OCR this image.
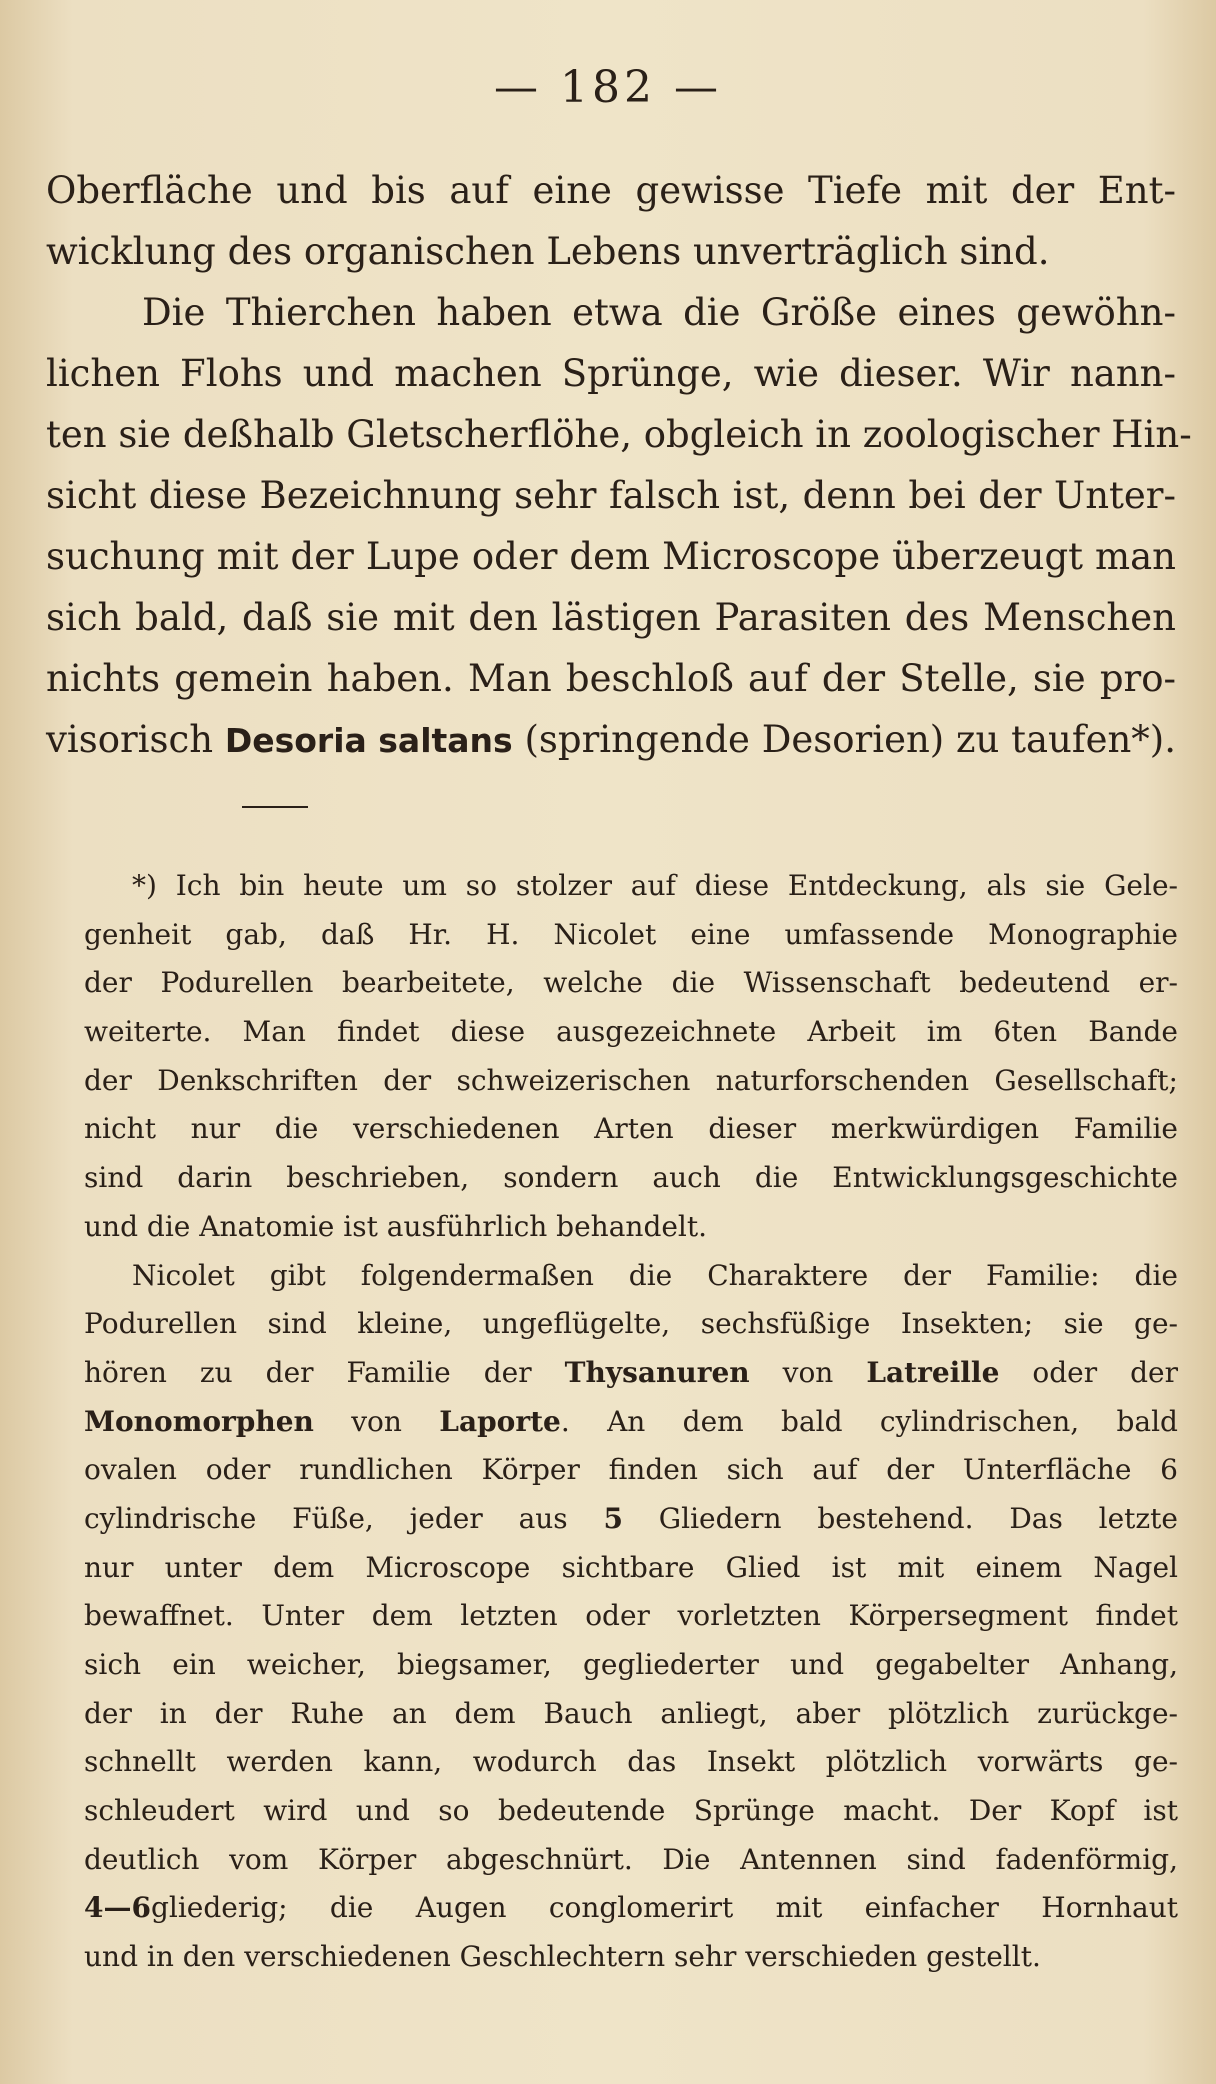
— 182 —
Oberfläche und bis auf eine gewisse Tiefe mit der Ent-
wicklung des organischen Lebens unverträglich sind.
Die Thierchen haben etwa die Größe eines gewöhn-
lichen Flohs und machen Sprünge, wie dieser. Wir nann-
ten sie deßhalb Gletscherflöhe, obgleich in zoologischer Hin-
sicht diese Bezeichnung sehr falsch ist, denn bei der Unter-
suchung mit der Lupe oder dem Microscope überzeugt man
sich bald, daß sie mit den lästigen Parasiten des Menschen
nichts gemein haben. Man beschloß auf der Stelle, sie pro-
visorisch Desoria saltans (springende Desorien) zu taufen*).
*) Ich bin heute um so stolzer auf diese Entdeckung, als sie Gele-
genheit gab, daß Hr. H. Nicolet eine umfassende Monographie
der Podurellen bearbeitete, welche die Wissenschaft bedeutend er-
weiterte. Man findet diese ausgezeichnete Arbeit im 6ten Bande
der Denkschriften der schweizerischen naturforschenden Gesellschaft;
nicht nur die verschiedenen Arten dieser merkwürdigen Familie
sind darin beschrieben, sondern auch die Entwicklungsgeschichte
und die Anatomie ist ausführlich behandelt.
Nicolet gibt folgendermaßen die Charaktere der Familie: die
Podurellen sind kleine, ungeflügelte, sechsfüßige Insekten; sie ge-
hören zu der Familie der Thysanuren von Latreille oder der
Monomorphen von Laporte. An dem bald cylindrischen, bald
ovalen oder rundlichen Körper finden sich auf der Unterfläche 6
cylindrische Füße, jeder aus 5 Gliedern bestehend. Das letzte
nur unter dem Microscope sichtbare Glied ist mit einem Nagel
bewaffnet. Unter dem letzten oder vorletzten Körpersegment findet
sich ein weicher, biegsamer, gegliederter und gegabelter Anhang,
der in der Ruhe an dem Bauch anliegt, aber plötzlich zurückge-
schnellt werden kann, wodurch das Insekt plötzlich vorwärts ge-
schleudert wird und so bedeutende Sprünge macht. Der Kopf ist
deutlich vom Körper abgeschnürt. Die Antennen sind fadenförmig,
4—6gliederig; die Augen conglomerirt mit einfacher Hornhaut
und in den verschiedenen Geschlechtern sehr verschieden gestellt.
